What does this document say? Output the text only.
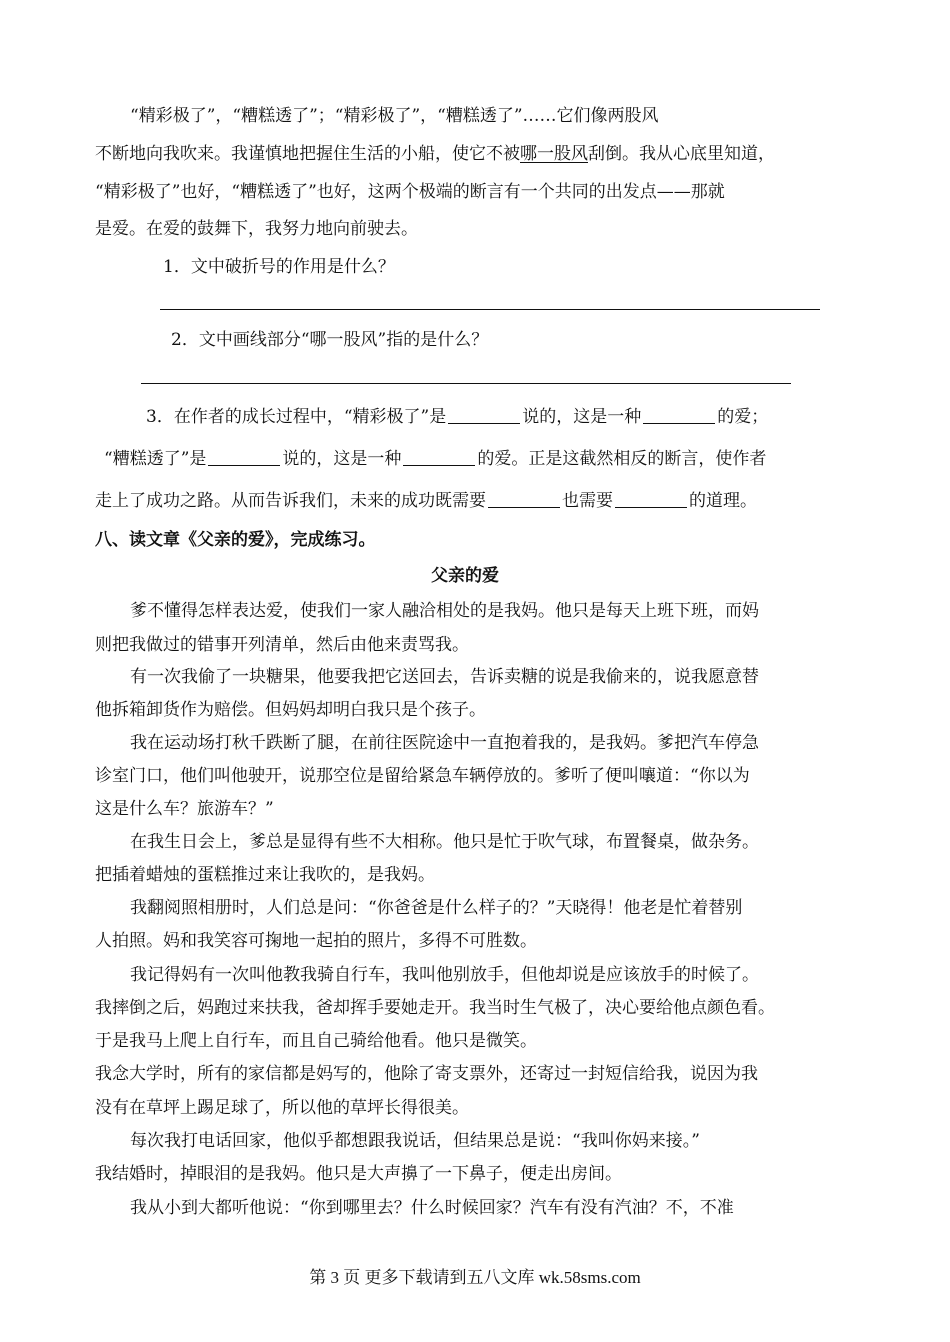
“精彩极了”，“糟糕透了”；“精彩极了”，“糟糕透了”……它们像两股风
不断地向我吹来。我谨慎地把握住生活的小船，使它不被哪一股风刮倒。我从心底里知道，
“精彩极了”也好，“糟糕透了”也好，这两个极端的断言有一个共同的出发点——那就
是爱。在爱的鼓舞下，我努力地向前驶去。
1．文中破折号的作用是什么？
2．文中画线部分“哪一股风”指的是什么？
3．在作者的成长过程中，“精彩极了”是	说的，这是一种	的爱；
“糟糕透了”是	说的，这是一种	的爱。正是这截然相反的断言，使作者
走上了成功之路。从而告诉我们，未来的成功既需要	也需要	的道理。
八、读文章《父亲的爱》，完成练习。
父亲的爱
爹不懂得怎样表达爱，使我们一家人融洽相处的是我妈。他只是每天上班下班，而妈
则把我做过的错事开列清单，然后由他来责骂我。
有一次我偷了一块糖果，他要我把它送回去，告诉卖糖的说是我偷来的，说我愿意替
他拆箱卸货作为赔偿。但妈妈却明白我只是个孩子。
我在运动场打秋千跌断了腿，在前往医院途中一直抱着我的，是我妈。爹把汽车停急
诊室门口，他们叫他驶开，说那空位是留给紧急车辆停放的。爹听了便叫嚷道：“你以为
这是什么车？旅游车？”
在我生日会上，爹总是显得有些不大相称。他只是忙于吹气球，布置餐桌，做杂务。
把插着蜡烛的蛋糕推过来让我吹的，是我妈。
我翻阅照相册时，人们总是问：“你爸爸是什么样子的？”天晓得！他老是忙着替别
人拍照。妈和我笑容可掬地一起拍的照片，多得不可胜数。
我记得妈有一次叫他教我骑自行车，我叫他别放手，但他却说是应该放手的时候了。
我摔倒之后，妈跑过来扶我，爸却挥手要她走开。我当时生气极了，决心要给他点颜色看。
于是我马上爬上自行车，而且自己骑给他看。他只是微笑。
我念大学时，所有的家信都是妈写的，他除了寄支票外，还寄过一封短信给我，说因为我
没有在草坪上踢足球了，所以他的草坪长得很美。
每次我打电话回家，他似乎都想跟我说话，但结果总是说：“我叫你妈来接。”
我结婚时，掉眼泪的是我妈。他只是大声擤了一下鼻子，便走出房间。
我从小到大都听他说：“你到哪里去？什么时候回家？汽车有没有汽油？不，不准
第 3 页 更多下载请到五八文库 wk.58sms.com
